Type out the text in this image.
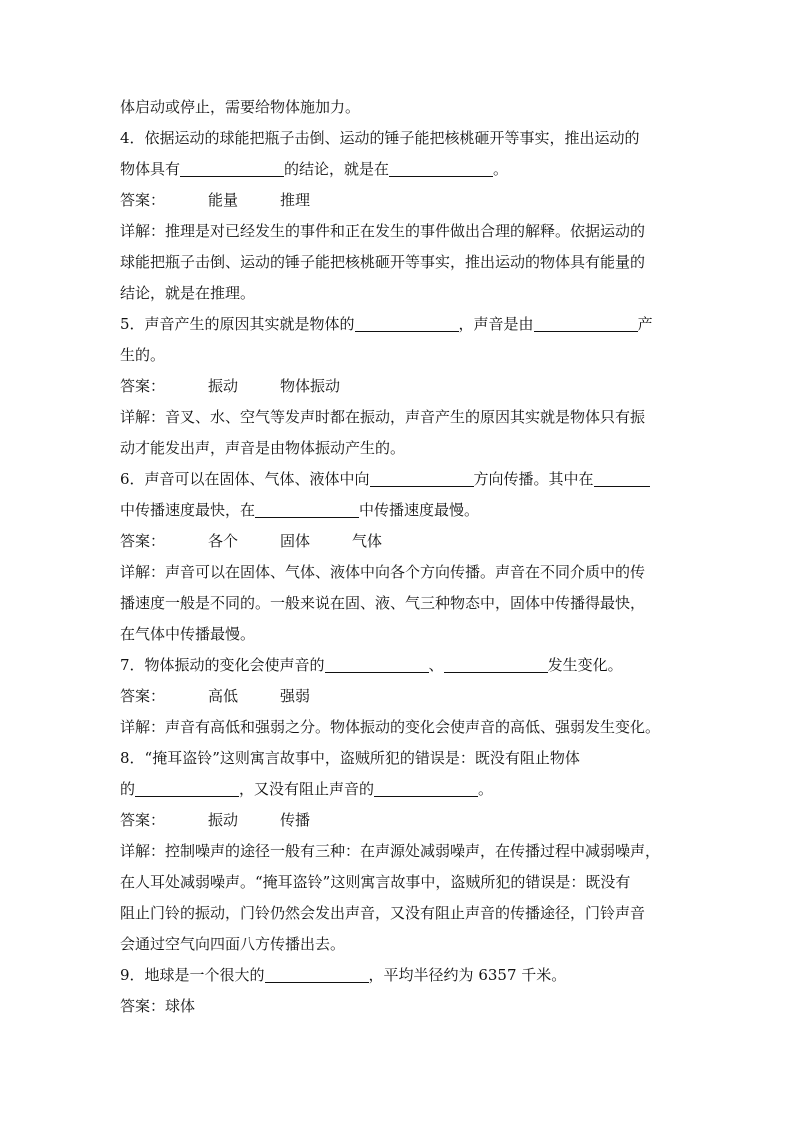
体启动或停止，需要给物体施加力。
4．依据运动的球能把瓶子击倒、运动的锤子能把核桃砸开等事实，推出运动的
物体具有	的结论，就是在	。
答案：	能量	推理
详解：推理是对已经发生的事件和正在发生的事件做出合理的解释。依据运动的
球能把瓶子击倒、运动的锤子能把核桃砸开等事实，推出运动的物体具有能量的
结论，就是在推理。
5．声音产生的原因其实就是物体的	，声音是由	产
生的。
答案：	振动	物体振动
详解：音叉、水、空气等发声时都在振动，声音产生的原因其实就是物体只有振
动才能发出声，声音是由物体振动产生的。
6．声音可以在固体、气体、液体中向	方向传播。其中在
中传播速度最快，在	中传播速度最慢。
答案：	各个	固体	气体
详解：声音可以在固体、气体、液体中向各个方向传播。声音在不同介质中的传
播速度一般是不同的。一般来说在固、液、气三种物态中，固体中传播得最快，
在气体中传播最慢。
7．物体振动的变化会使声音的	、	发生变化。
答案：	高低	强弱
详解：声音有高低和强弱之分。物体振动的变化会使声音的高低、强弱发生变化。
8．“掩耳盗铃”这则寓言故事中，盗贼所犯的错误是：既没有阻止物体
的	，又没有阻止声音的	。
答案：	振动	传播
详解：控制噪声的途径一般有三种：在声源处减弱噪声，在传播过程中减弱噪声，
在人耳处减弱噪声。“掩耳盗铃”这则寓言故事中，盗贼所犯的错误是：既没有
阻止门铃的振动，门铃仍然会发出声音，又没有阻止声音的传播途径，门铃声音
会通过空气向四面八方传播出去。
9．地球是一个很大的	，平均半径约为 6357 千米。
答案：球体
